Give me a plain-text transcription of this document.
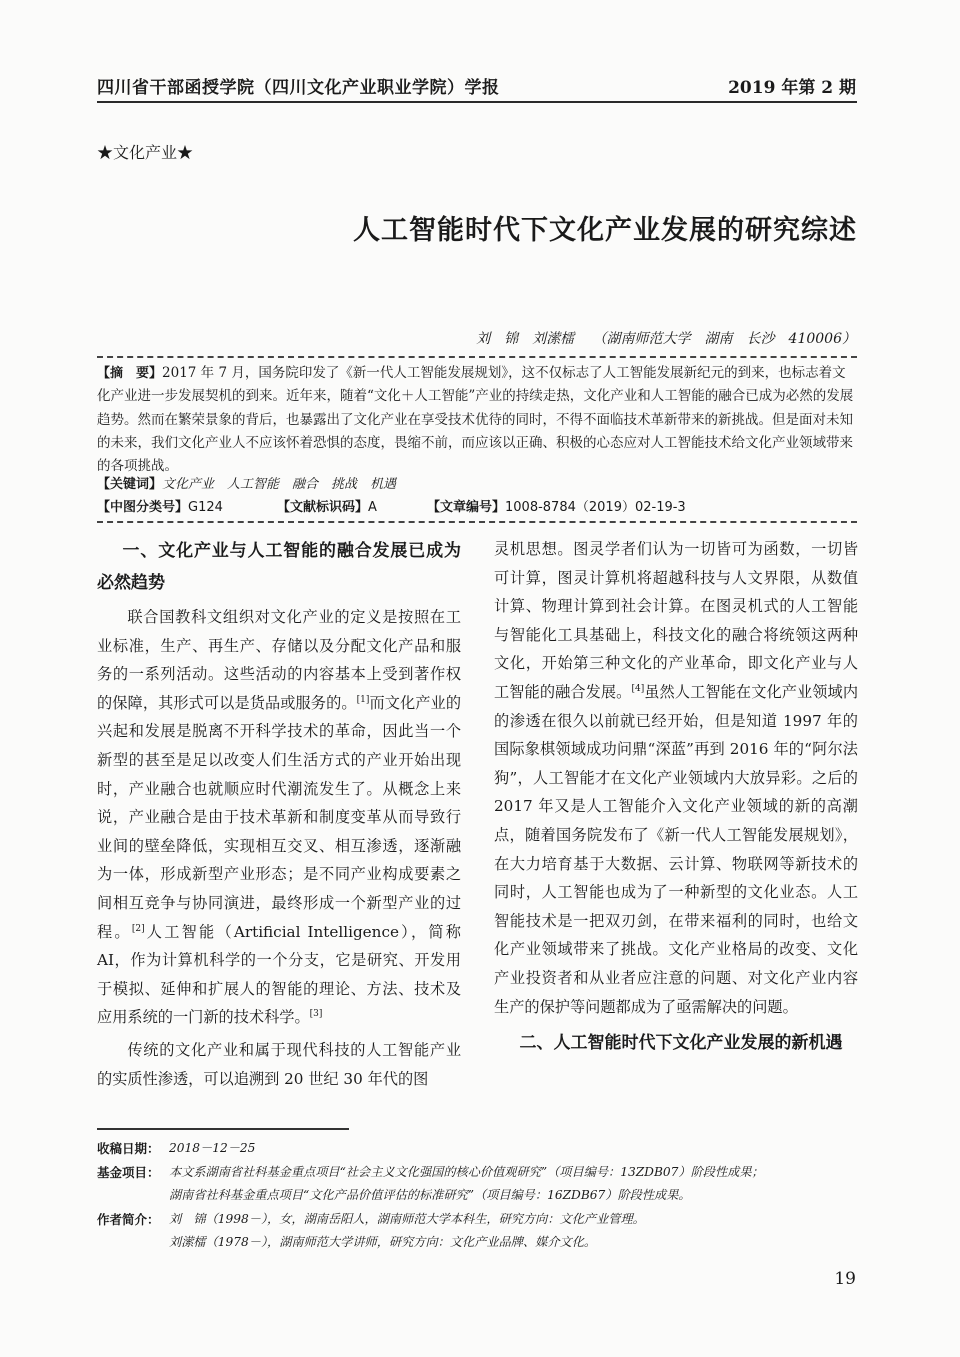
四川省干部函授学院（四川文化产业职业学院）学报	2019 年第 2 期
★文化产业★
人工智能时代下文化产业发展的研究综述
刘　锦　刘潆檑 （湖南师范大学　湖南　长沙　410006）
【摘　要】2017 年 7 月，国务院印发了《新一代人工智能发展规划》，这不仅标志了人工智能发展新纪元的到来，也标志着文化产业进一步发展契机的到来。近年来，随着“文化＋人工智能”产业的持续走热，文化产业和人工智能的融合已成为必然的发展趋势。然而在繁荣景象的背后，也暴露出了文化产业在享受技术优待的同时，不得不面临技术革新带来的新挑战。但是面对未知的未来，我们文化产业人不应该怀着恐惧的态度，畏缩不前，而应该以正确、积极的心态应对人工智能技术给文化产业领域带来的各项挑战。
【关键词】文化产业　人工智能　融合　挑战　机遇
【中图分类号】G124	【文献标识码】A	【文章编号】1008-8784（2019）02-19-3
一、文化产业与人工智能的融合发展已成为必然趋势

联合国教科文组织对文化产业的定义是按照在工业标准，生产、再生产、存储以及分配文化产品和服务的一系列活动。这些活动的内容基本上受到著作权的保障，其形式可以是货品或服务的。[1]而文化产业的兴起和发展是脱离不开科学技术的革命，因此当一个新型的甚至是足以改变人们生活方式的产业开始出现时，产业融合也就顺应时代潮流发生了。从概念上来说，产业融合是由于技术革新和制度变革从而导致行业间的壁垒降低，实现相互交叉、相互渗透，逐渐融为一体，形成新型产业形态；是不同产业构成要素之间相互竞争与协同演进，最终形成一个新型产业的过程。[2]人工智能（Artificial Intelligence），简称 AI，作为计算机科学的一个分支，它是研究、开发用于模拟、延伸和扩展人的智能的理论、方法、技术及应用系统的一门新的技术科学。[3]

传统的文化产业和属于现代科技的人工智能产业的实质性渗透，可以追溯到 20 世纪 30 年代的图

灵机思想。图灵学者们认为一切皆可为函数，一切皆可计算，图灵计算机将超越科技与人文界限，从数值计算、物理计算到社会计算。在图灵机式的人工智能与智能化工具基础上，科技文化的融合将统领这两种文化，开始第三种文化的产业革命，即文化产业与人工智能的融合发展。[4]虽然人工智能在文化产业领域内的渗透在很久以前就已经开始，但是知道 1997 年的国际象棋领域成功问鼎“深蓝”再到 2016 年的“阿尔法狗”，人工智能才在文化产业领域内大放异彩。之后的 2017 年又是人工智能介入文化产业领域的新的高潮点，随着国务院发布了《新一代人工智能发展规划》，在大力培育基于大数据、云计算、物联网等新技术的同时，人工智能也成为了一种新型的文化业态。人工智能技术是一把双刃剑，在带来福利的同时，也给文化产业领域带来了挑战。文化产业格局的改变、文化产业投资者和从业者应注意的问题、对文化产业内容生产的保护等问题都成为了亟需解决的问题。

二、人工智能时代下文化产业发展的新机遇
收稿日期： 2018－12－25
基金项目： 本文系湖南省社科基金重点项目“社会主义文化强国的核心价值观研究”（项目编号：13ZDB07）阶段性成果；
湖南省社科基金重点项目“文化产品价值评估的标准研究”（项目编号：16ZDB67）阶段性成果。
作者简介： 刘　锦（1998－），女，湖南岳阳人，湖南师范大学本科生，研究方向：文化产业管理。
刘潆檑（1978－），湖南师范大学讲师，研究方向：文化产业品牌、媒介文化。
19
